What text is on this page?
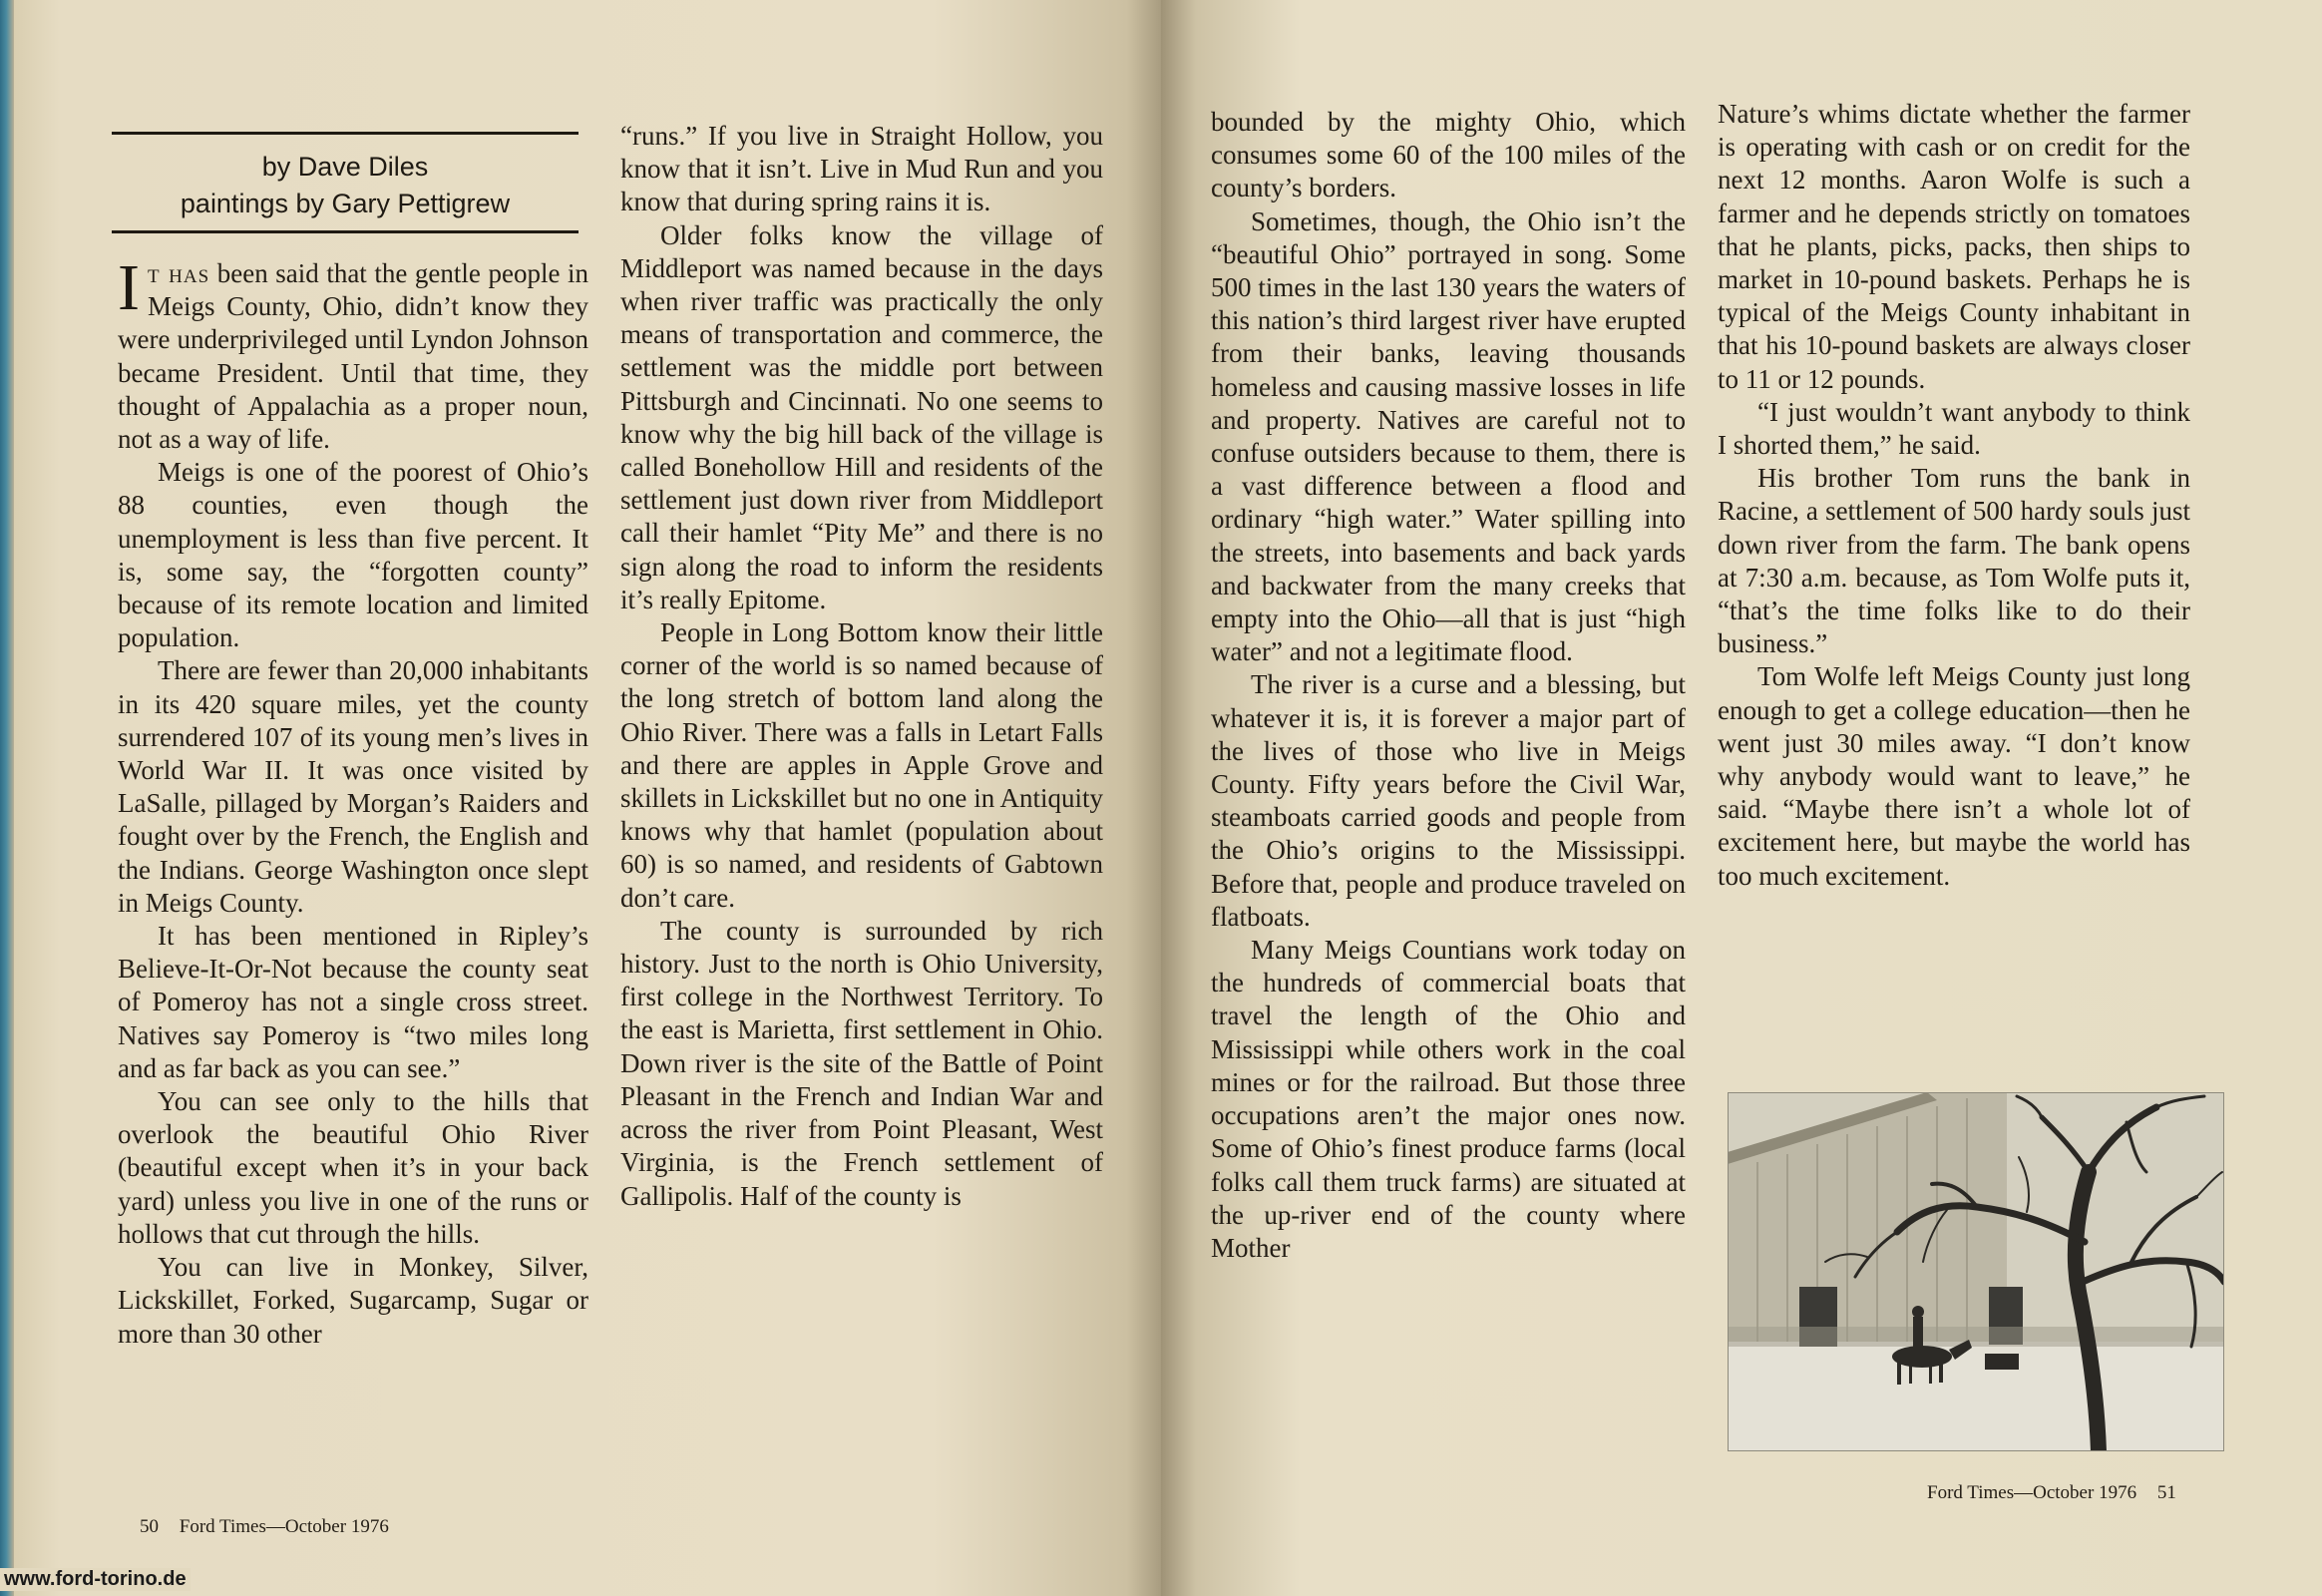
by Dave Diles
paintings by Gary Pettigrew

It has been said that the gentle people in Meigs County, Ohio, didn’t know they were underprivileged until Lyndon Johnson became President. Until that time, they thought of Appalachia as a proper noun, not as a way of life.

Meigs is one of the poorest of Ohio’s 88 counties, even though the unemployment is less than five percent. It is, some say, the “forgotten county” because of its remote location and limited population.

There are fewer than 20,000 inhabitants in its 420 square miles, yet the county surrendered 107 of its young men’s lives in World War II. It was once visited by LaSalle, pillaged by Morgan’s Raiders and fought over by the French, the English and the Indians. George Washington once slept in Meigs County.

It has been mentioned in Ripley’s Believe-It-Or-Not because the county seat of Pomeroy has not a single cross street. Natives say Pomeroy is “two miles long and as far back as you can see.”

You can see only to the hills that overlook the beautiful Ohio River (beautiful except when it’s in your back yard) unless you live in one of the runs or hollows that cut through the hills.

You can live in Monkey, Silver, Lickskillet, Forked, Sugarcamp, Sugar or more than 30 other

“runs.” If you live in Straight Hollow, you know that it isn’t. Live in Mud Run and you know that during spring rains it is.

Older folks know the village of Middleport was named because in the days when river traffic was practically the only means of transportation and commerce, the settlement was the middle port between Pittsburgh and Cincinnati. No one seems to know why the big hill back of the village is called Bonehollow Hill and residents of the settlement just down river from Middleport call their hamlet “Pity Me” and there is no sign along the road to inform the residents it’s really Epitome.

People in Long Bottom know their little corner of the world is so named because of the long stretch of bottom land along the Ohio River. There was a falls in Letart Falls and there are apples in Apple Grove and skillets in Lickskillet but no one in Antiquity knows why that hamlet (population about 60) is so named, and residents of Gabtown don’t care.

The county is surrounded by rich history. Just to the north is Ohio University, first college in the Northwest Territory. To the east is Marietta, first settlement in Ohio. Down river is the site of the Battle of Point Pleasant in the French and Indian War and across the river from Point Pleasant, West Virginia, is the French settlement of Gallipolis. Half of the county is

bounded by the mighty Ohio, which consumes some 60 of the 100 miles of the county’s borders.

Sometimes, though, the Ohio isn’t the “beautiful Ohio” portrayed in song. Some 500 times in the last 130 years the waters of this nation’s third largest river have erupted from their banks, leaving thousands homeless and causing massive losses in life and property. Natives are careful not to confuse outsiders because to them, there is a vast difference between a flood and ordinary “high water.” Water spilling into the streets, into basements and back yards and backwater from the many creeks that empty into the Ohio—all that is just “high water” and not a legitimate flood.

The river is a curse and a blessing, but whatever it is, it is forever a major part of the lives of those who live in Meigs County. Fifty years before the Civil War, steamboats carried goods and people from the Ohio’s origins to the Mississippi. Before that, people and produce traveled on flatboats.

Many Meigs Countians work today on the hundreds of commercial boats that travel the length of the Ohio and Mississippi while others work in the coal mines or for the railroad. But those three occupations aren’t the major ones now. Some of Ohio’s finest produce farms (local folks call them truck farms) are situated at the up-river end of the county where Mother

Nature’s whims dictate whether the farmer is operating with cash or on credit for the next 12 months. Aaron Wolfe is such a farmer and he depends strictly on tomatoes that he plants, picks, packs, then ships to market in 10-pound baskets. Perhaps he is typical of the Meigs County inhabitant in that his 10-pound baskets are always closer to 11 or 12 pounds.

“I just wouldn’t want anybody to think I shorted them,” he said.

His brother Tom runs the bank in Racine, a settlement of 500 hardy souls just down river from the farm. The bank opens at 7:30 a.m. because, as Tom Wolfe puts it, “that’s the time folks like to do their business.”

Tom Wolfe left Meigs County just long enough to get a college education—then he went just 30 miles away. “I don’t know why anybody would want to leave,” he said. “Maybe there isn’t a whole lot of excitement here, but maybe the world has too much excitement.

50 Ford Times—October 1976
Ford Times—October 1976 51
www.ford-torino.de
